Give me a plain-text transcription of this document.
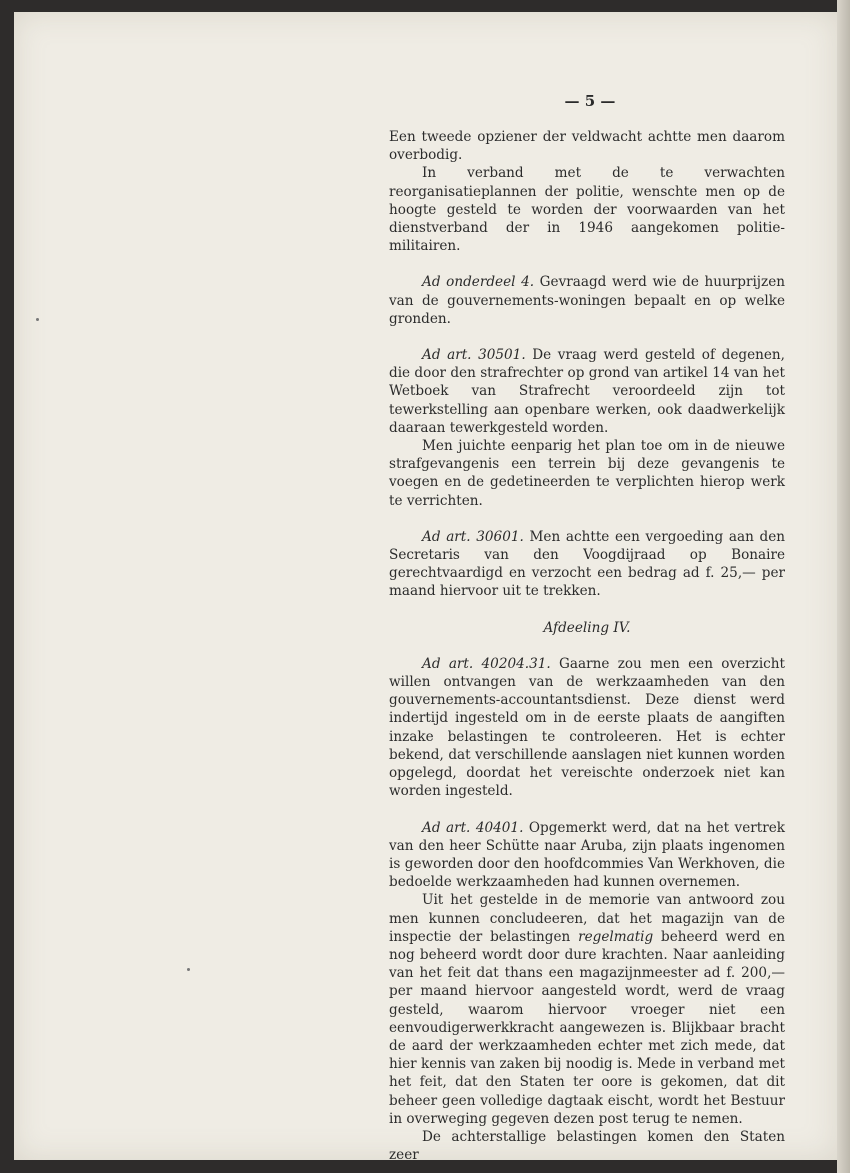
— 5 —

Een tweede opziener der veldwacht achtte men daarom overbodig.

In verband met de te verwachten reorganisatieplannen der politie, wenschte men op de hoogte gesteld te worden der voorwaarden van het dienstverband der in 1946 aangekomen politie-militairen.

Ad onderdeel 4. Gevraagd werd wie de huurprijzen van de gouvernements-woningen bepaalt en op welke gronden.

Ad art. 30501. De vraag werd gesteld of degenen, die door den strafrechter op grond van artikel 14 van het Wetboek van Strafrecht veroordeeld zijn tot tewerkstelling aan openbare werken, ook daadwerkelijk daaraan tewerkgesteld worden.

Men juichte eenparig het plan toe om in de nieuwe strafgevangenis een terrein bij deze gevangenis te voegen en de gedetineerden te verplichten hierop werk te verrichten.

Ad art. 30601. Men achtte een vergoeding aan den Secretaris van den Voogdijraad op Bonaire gerechtvaardigd en verzocht een bedrag ad f. 25,— per maand hiervoor uit te trekken.

Afdeeling IV.

Ad art. 40204.31. Gaarne zou men een overzicht willen ontvangen van de werkzaamheden van den gouvernements-accountantsdienst. Deze dienst werd indertijd ingesteld om in de eerste plaats de aangiften inzake belastingen te controleeren. Het is echter bekend, dat verschillende aanslagen niet kunnen worden opgelegd, doordat het vereischte onderzoek niet kan worden ingesteld.

Ad art. 40401. Opgemerkt werd, dat na het vertrek van den heer Schütte naar Aruba, zijn plaats ingenomen is geworden door den hoofdcommies Van Werkhoven, die bedoelde werkzaamheden had kunnen overnemen.

Uit het gestelde in de memorie van antwoord zou men kunnen concludeeren, dat het magazijn van de inspectie der belastingen regelmatig beheerd werd en nog beheerd wordt door dure krachten. Naar aanleiding van het feit dat thans een magazijnmeester ad f. 200,— per maand hiervoor aangesteld wordt, werd de vraag gesteld, waarom hiervoor vroeger niet een eenvoudigerwerkkracht aangewezen is. Blijkbaar bracht de aard der werkzaamheden echter met zich mede, dat hier kennis van zaken bij noodig is. Mede in verband met het feit, dat den Staten ter oore is gekomen, dat dit beheer geen volledige dagtaak eischt, wordt het Bestuur in overweging gegeven dezen post terug te nemen.

De achterstallige belastingen komen den Staten zeer
